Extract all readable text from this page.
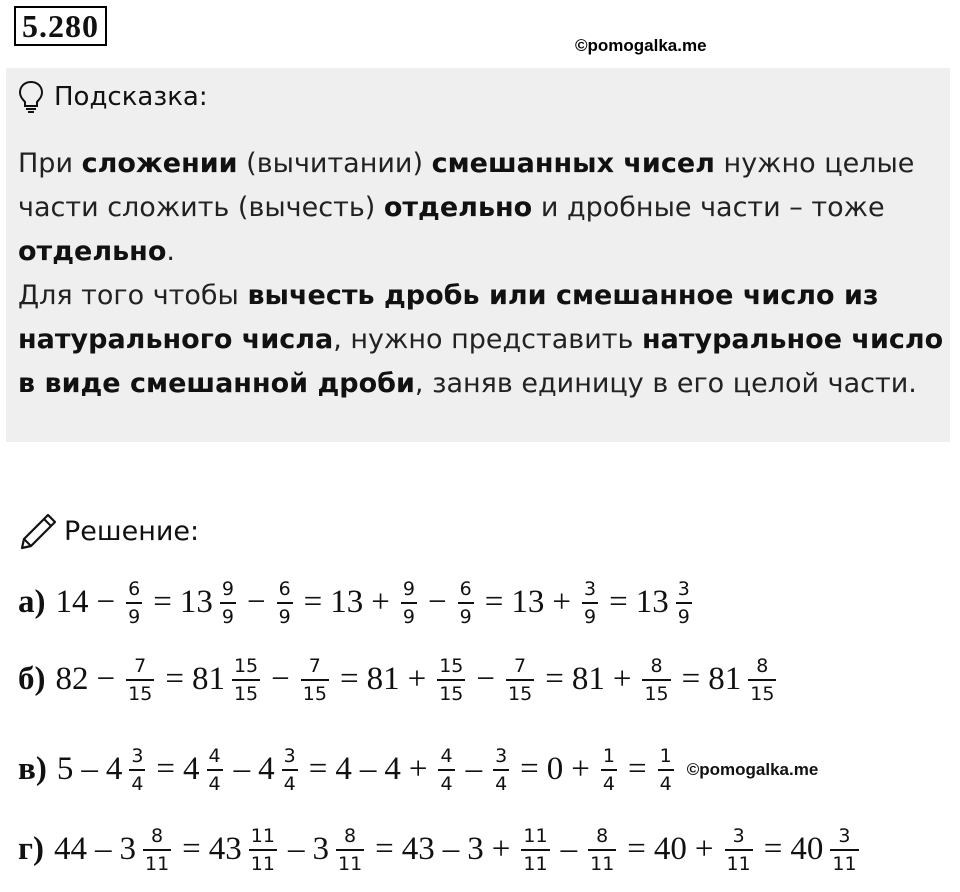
5.280
©pomogalka.me
Подсказка:
При сложении (вычитании) смешанных чисел нужно целые части сложить (вычесть) отдельно и дробные части – тоже отдельно.
Для того чтобы вычесть дробь или смешанное число из натурального числа, нужно представить натуральное число в виде смешанной дроби, заняв единицу в его целой части.
Решение:
а) $14 - \frac{6}{9} = 13 \frac{9}{9} - \frac{6}{9} = 13 + \frac{9}{9} - \frac{6}{9} = 13 + \frac{3}{9} = 13 \frac{3}{9}$
б) $82 - \frac{7}{15} = 81 \frac{15}{15} - \frac{7}{15} = 81 + \frac{15}{15} - \frac{7}{15} = 81 + \frac{8}{15} = 81 \frac{8}{15}$
в) $5 - 4 \frac{3}{4} = 4 \frac{4}{4} - 4 \frac{3}{4} = 4 - 4 + \frac{4}{4} - \frac{3}{4} = 0 + \frac{1}{4} = \frac{1}{4}$ ©pomogalka.me
г) $44 - 3 \frac{8}{11} = 43 \frac{11}{11} - 3 \frac{8}{11} = 43 - 3 + \frac{11}{11} - \frac{8}{11} = 40 + \frac{3}{11} = 40 \frac{3}{11}$
